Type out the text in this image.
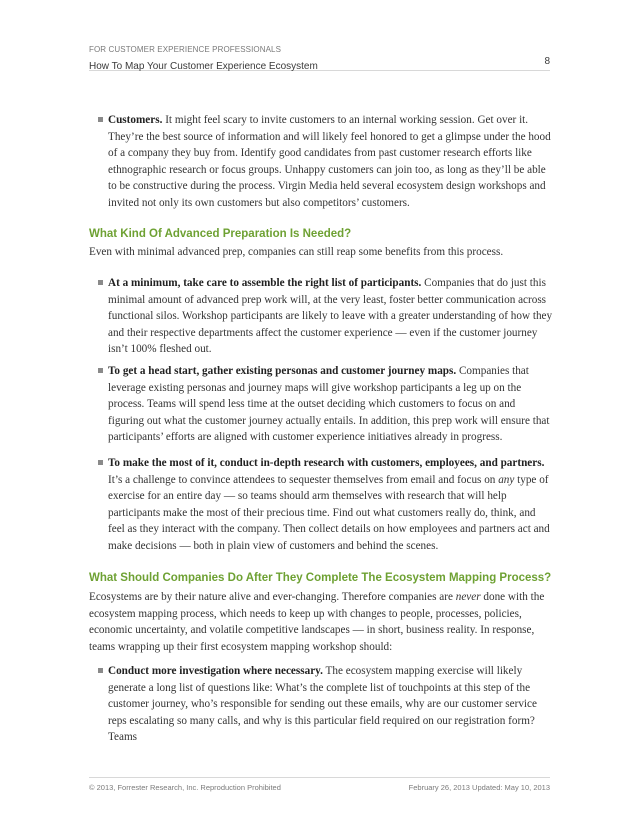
FOR CUSTOMER EXPERIENCE PROFESSIONALS
How To Map Your Customer Experience Ecosystem	8
Customers. It might feel scary to invite customers to an internal working session. Get over it. They’re the best source of information and will likely feel honored to get a glimpse under the hood of a company they buy from. Identify good candidates from past customer research efforts like ethnographic research or focus groups. Unhappy customers can join too, as long as they’ll be able to be constructive during the process. Virgin Media held several ecosystem design workshops and invited not only its own customers but also competitors’ customers.
What Kind Of Advanced Preparation Is Needed?
Even with minimal advanced prep, companies can still reap some benefits from this process.
At a minimum, take care to assemble the right list of participants. Companies that do just this minimal amount of advanced prep work will, at the very least, foster better communication across functional silos. Workshop participants are likely to leave with a greater understanding of how they and their respective departments affect the customer experience — even if the customer journey isn’t 100% fleshed out.
To get a head start, gather existing personas and customer journey maps. Companies that leverage existing personas and journey maps will give workshop participants a leg up on the process. Teams will spend less time at the outset deciding which customers to focus on and figuring out what the customer journey actually entails. In addition, this prep work will ensure that participants’ efforts are aligned with customer experience initiatives already in progress.
To make the most of it, conduct in-depth research with customers, employees, and partners. It’s a challenge to convince attendees to sequester themselves from email and focus on any type of exercise for an entire day — so teams should arm themselves with research that will help participants make the most of their precious time. Find out what customers really do, think, and feel as they interact with the company. Then collect details on how employees and partners act and make decisions — both in plain view of customers and behind the scenes.
What Should Companies Do After They Complete The Ecosystem Mapping Process?
Ecosystems are by their nature alive and ever-changing. Therefore companies are never done with the ecosystem mapping process, which needs to keep up with changes to people, processes, policies, economic uncertainty, and volatile competitive landscapes — in short, business reality. In response, teams wrapping up their first ecosystem mapping workshop should:
Conduct more investigation where necessary. The ecosystem mapping exercise will likely generate a long list of questions like: What’s the complete list of touchpoints at this step of the customer journey, who’s responsible for sending out these emails, why are our customer service reps escalating so many calls, and why is this particular field required on our registration form? Teams
© 2013, Forrester Research, Inc. Reproduction Prohibited	February 26, 2013 Updated: May 10, 2013
